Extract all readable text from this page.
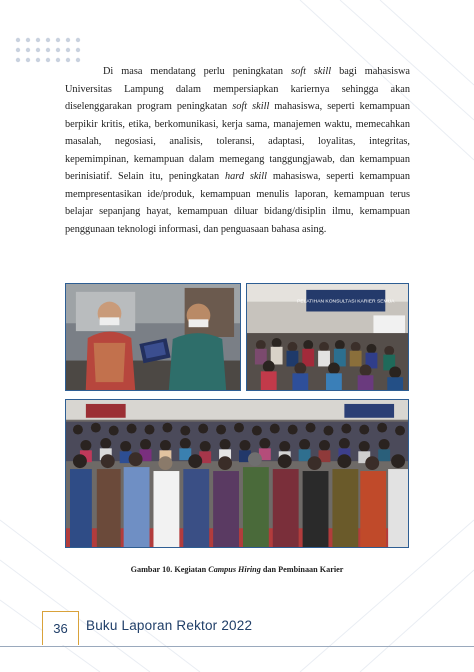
Di masa mendatang perlu peningkatan soft skill bagi mahasiswa Universitas Lampung dalam mempersiapkan kariernya sehingga akan diselenggarakan program peningkatan soft skill mahasiswa, seperti kemampuan berpikir kritis, etika, berkomunikasi, kerja sama, manajemen waktu, memecahkan masalah, negosiasi, analisis, toleransi, adaptasi, loyalitas, integritas, kepemimpinan, kemampuan dalam memegang tanggungjawab, dan kemampuan berinisiatif. Selain itu, peningkatan hard skill mahasiswa, seperti kemampuan mempresentasikan ide/produk, kemampuan menulis laporan, kemampuan terus belajar sepanjang hayat, kemampuan diluar bidang/disiplin ilmu, kemampuan penggunaan teknologi informasi, dan penguasaan bahasa asing.

PELATIHAN KONSULTASI KARIER SEMUA
Gambar 10. Kegiatan Campus Hiring dan Pembinaan Karier
36	Buku Laporan Rektor 2022
